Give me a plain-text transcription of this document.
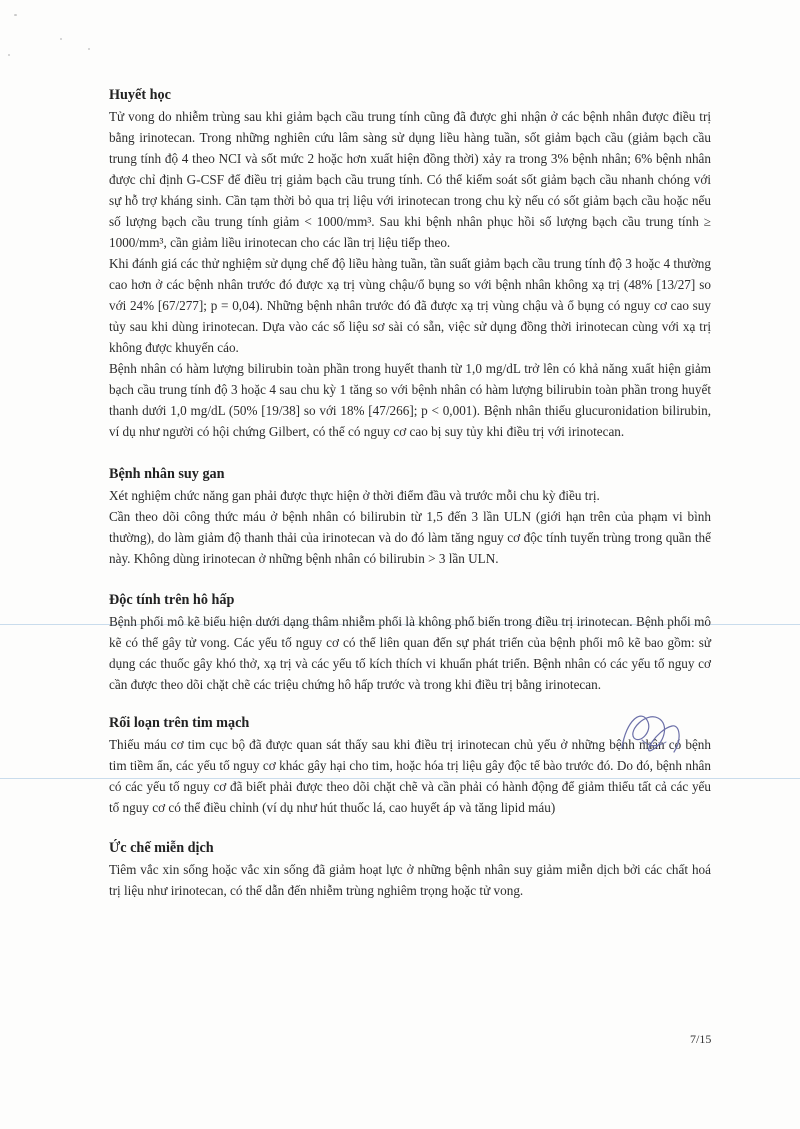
Huyết học

Tử vong do nhiễm trùng sau khi giảm bạch cầu trung tính cũng đã được ghi nhận ở các bệnh nhân được điều trị bằng irinotecan. Trong những nghiên cứu lâm sàng sử dụng liều hàng tuần, sốt giảm bạch cầu (giảm bạch cầu trung tính độ 4 theo NCI và sốt mức 2 hoặc hơn xuất hiện đồng thời) xảy ra trong 3% bệnh nhân; 6% bệnh nhân được chỉ định G-CSF để điều trị giảm bạch cầu trung tính. Có thể kiểm soát sốt giảm bạch cầu nhanh chóng với sự hỗ trợ kháng sinh. Cần tạm thời bỏ qua trị liệu với irinotecan trong chu kỳ nếu có sốt giảm bạch cầu hoặc nếu số lượng bạch cầu trung tính giảm < 1000/mm³. Sau khi bệnh nhân phục hồi số lượng bạch cầu trung tính ≥ 1000/mm³, cần giảm liều irinotecan cho các lần trị liệu tiếp theo.

Khi đánh giá các thử nghiệm sử dụng chế độ liều hàng tuần, tần suất giảm bạch cầu trung tính độ 3 hoặc 4 thường cao hơn ở các bệnh nhân trước đó được xạ trị vùng chậu/ổ bụng so với bệnh nhân không xạ trị (48% [13/27] so với 24% [67/277]; p = 0,04). Những bệnh nhân trước đó đã được xạ trị vùng chậu và ổ bụng có nguy cơ cao suy tủy sau khi dùng irinotecan. Dựa vào các số liệu sơ sài có sẵn, việc sử dụng đồng thời irinotecan cùng với xạ trị không được khuyến cáo.

Bệnh nhân có hàm lượng bilirubin toàn phần trong huyết thanh từ 1,0 mg/dL trở lên có khả năng xuất hiện giảm bạch cầu trung tính độ 3 hoặc 4 sau chu kỳ 1 tăng so với bệnh nhân có hàm lượng bilirubin toàn phần trong huyết thanh dưới 1,0 mg/dL (50% [19/38] so với 18% [47/266]; p < 0,001). Bệnh nhân thiếu glucuronidation bilirubin, ví dụ như người có hội chứng Gilbert, có thể có nguy cơ cao bị suy tủy khi điều trị với irinotecan.

Bệnh nhân suy gan

Xét nghiệm chức năng gan phải được thực hiện ở thời điểm đầu và trước mỗi chu kỳ điều trị.

Cần theo dõi công thức máu ở bệnh nhân có bilirubin từ 1,5 đến 3 lần ULN (giới hạn trên của phạm vi bình thường), do làm giảm độ thanh thải của irinotecan và do đó làm tăng nguy cơ độc tính tuyến trùng trong quần thể này. Không dùng irinotecan ở những bệnh nhân có bilirubin > 3 lần ULN.

Độc tính trên hô hấp

Bệnh phổi mô kẽ biểu hiện dưới dạng thâm nhiễm phổi là không phổ biến trong điều trị irinotecan. Bệnh phổi mô kẽ có thể gây tử vong. Các yếu tố nguy cơ có thể liên quan đến sự phát triển của bệnh phổi mô kẽ bao gồm: sử dụng các thuốc gây khó thở, xạ trị và các yếu tố kích thích vi khuẩn phát triển. Bệnh nhân có các yếu tố nguy cơ cần được theo dõi chặt chẽ các triệu chứng hô hấp trước và trong khi điều trị bằng irinotecan.

Rối loạn trên tim mạch

Thiếu máu cơ tim cục bộ đã được quan sát thấy sau khi điều trị irinotecan chủ yếu ở những bệnh nhân có bệnh tim tiềm ẩn, các yếu tố nguy cơ khác gây hại cho tim, hoặc hóa trị liệu gây độc tế bào trước đó. Do đó, bệnh nhân có các yếu tố nguy cơ đã biết phải được theo dõi chặt chẽ và cần phải có hành động để giảm thiểu tất cả các yếu tố nguy cơ có thể điều chỉnh (ví dụ như hút thuốc lá, cao huyết áp và tăng lipid máu)

Ức chế miễn dịch

Tiêm vắc xin sống hoặc vắc xin sống đã giảm hoạt lực ở những bệnh nhân suy giảm miễn dịch bởi các chất hoá trị liệu như irinotecan, có thể dẫn đến nhiễm trùng nghiêm trọng hoặc tử vong.

7/15
